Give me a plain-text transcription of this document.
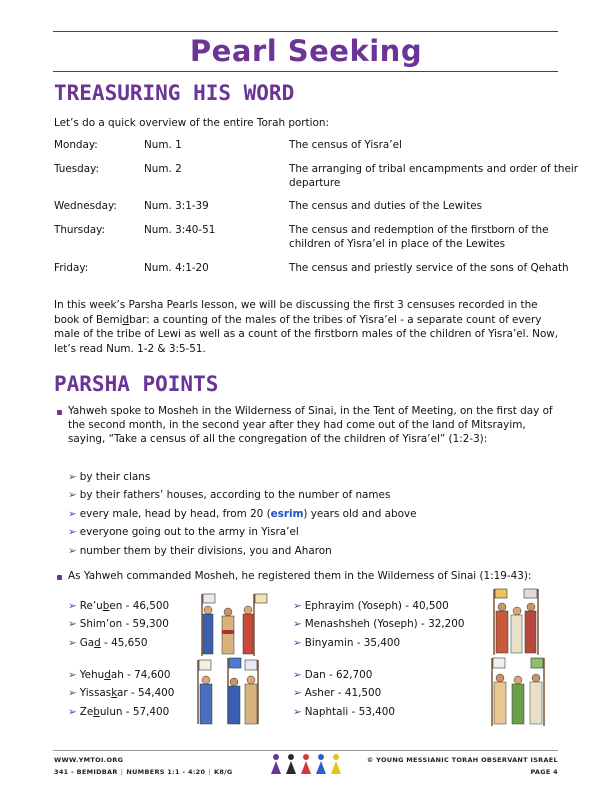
Pearl Seeking
TREASURING HIS WORD
Let’s do a quick overview of the entire Torah portion:
Monday:	Num. 1	The census of Yisra’el
Tuesday:	Num. 2	The arranging of tribal encampments and order of their departure
Wednesday:	Num. 3:1-39	The census and duties of the Lewites
Thursday:	Num. 3:40-51	The census and redemption of the firstborn of the children of Yisra’el in place of the Lewites
Friday:	Num. 4:1-20	The census and priestly service of the sons of Qehath
In this week’s Parsha Pearls lesson, we will be discussing the first 3 censuses recorded in the book of Bemidbar: a counting of the males of the tribes of Yisra’el - a separate count of every male of the tribe of Lewi as well as a count of the firstborn males of the children of Yisra’el. Now, let’s read Num. 1-2 & 3:5-51.
PARSHA POINTS
Yahweh spoke to Mosheh in the Wilderness of Sinai, in the Tent of Meeting, on the first day of the second month, in the second year after they had come out of the land of Mitsrayim, saying, “Take a census of all the congregation of the children of Yisra’el” (1:2-3):
➢ by their clans
➢ by their fathers’ houses, according to the number of names
➢ every male, head by head, from 20 (esrim) years old and above
➢ everyone going out to the army in Yisra’el
➢ number them by their divisions, you and Aharon
As Yahweh commanded Mosheh, he registered them in the Wilderness of Sinai (1:19-43):
➢ Re’uben - 46,500
➢ Shim’on - 59,300
➢ Gad - 45,650
➢ Ephrayim (Yoseph) - 40,500
➢ Menashsheh (Yoseph) - 32,200
➢ Binyamin - 35,400
➢ Yehudah - 74,600
➢ Yissaskar - 54,400
➢ Zebulun - 57,400
➢ Dan - 62,700
➢ Asher - 41,500
➢ Naphtali - 53,400
WWW.YMTOI.ORG
341 - BEMIDBAR | NUMBERS 1:1 - 4:20 | K8/G
© YOUNG MESSIANIC TORAH OBSERVANT ISRAEL
PAGE 4
